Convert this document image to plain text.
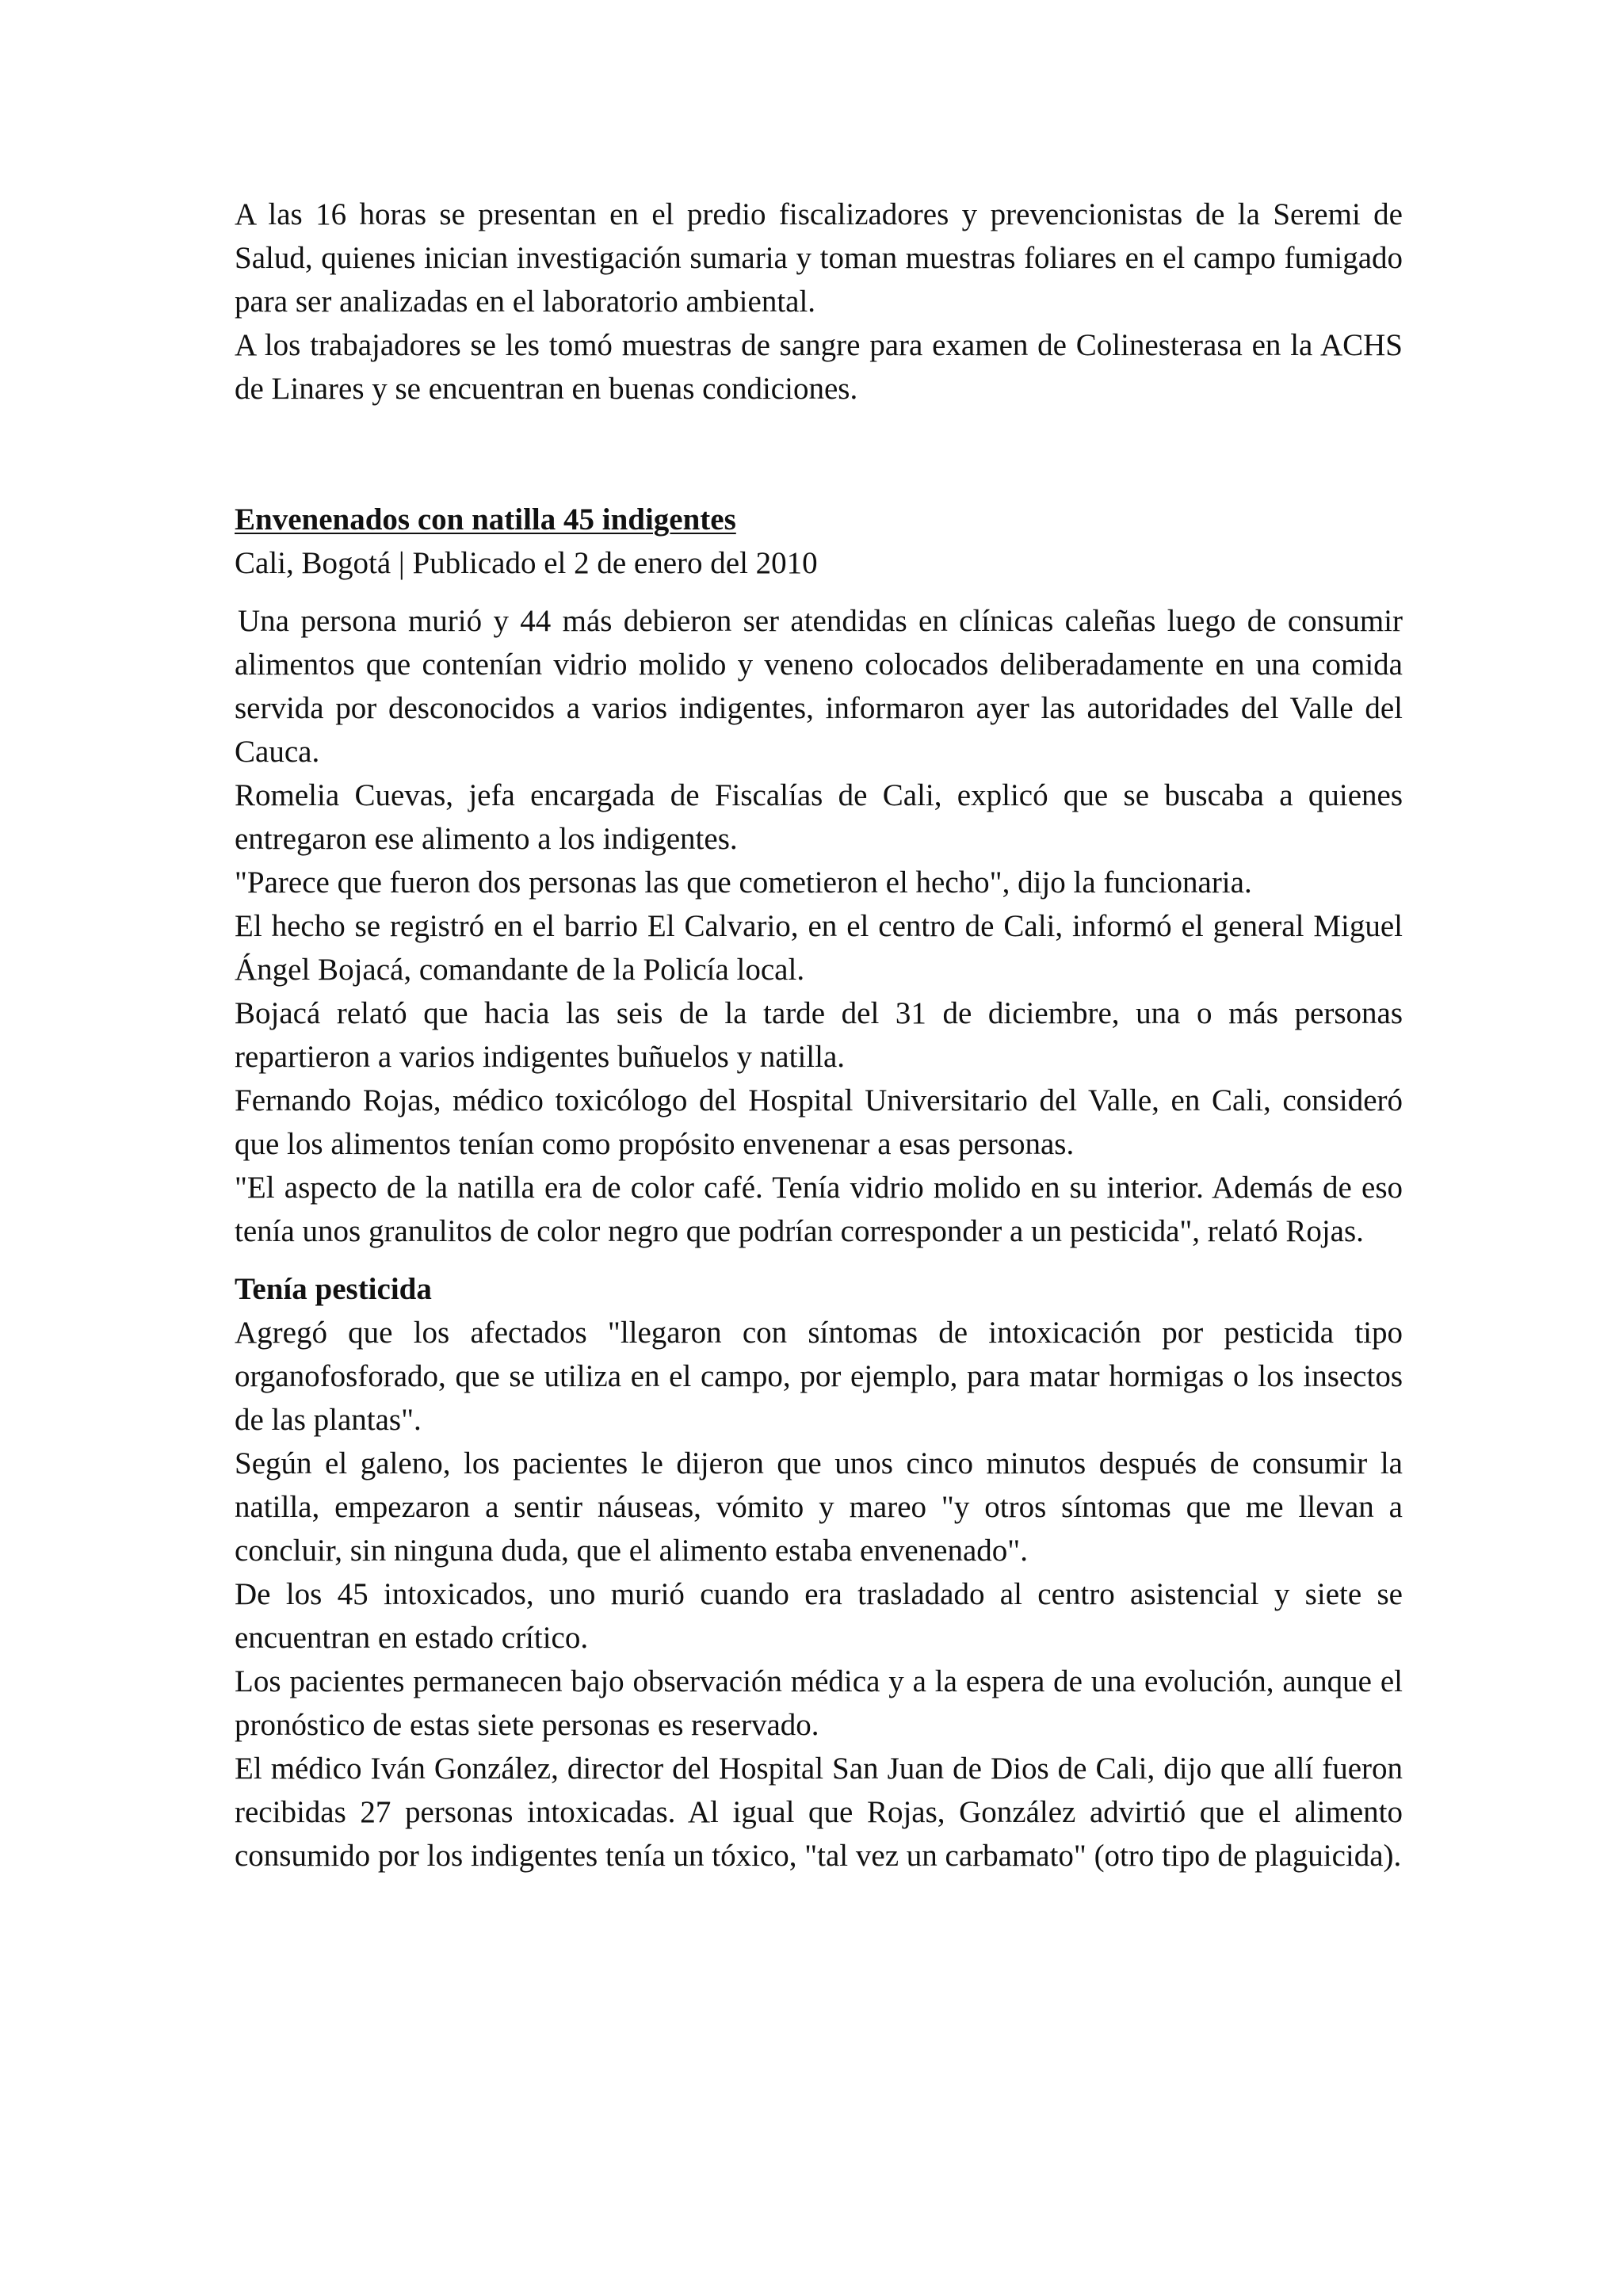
A las 16 horas se presentan en el predio fiscalizadores y prevencionistas de la Seremi de Salud, quienes inician investigación sumaria y toman muestras foliares en el campo fumigado para ser analizadas en el laboratorio ambiental.

A los trabajadores se les tomó muestras de sangre para examen de Colinesterasa en la ACHS de Linares y se encuentran en buenas condiciones.

Envenenados con natilla 45 indigentes

Cali, Bogotá | Publicado el 2 de enero del 2010

Una persona murió y 44 más debieron ser atendidas en clínicas caleñas luego de consumir alimentos que contenían vidrio molido y veneno colocados deliberadamente en una comida servida por desconocidos a varios indigentes, informaron ayer las autoridades del Valle del Cauca.

Romelia Cuevas, jefa encargada de Fiscalías de Cali, explicó que se buscaba a quienes entregaron ese alimento a los indigentes.

"Parece que fueron dos personas las que cometieron el hecho", dijo la funcionaria.

El hecho se registró en el barrio El Calvario, en el centro de Cali, informó el general Miguel Ángel Bojacá, comandante de la Policía local.

Bojacá relató que hacia las seis de la tarde del 31 de diciembre, una o más personas repartieron a varios indigentes buñuelos y natilla.

Fernando Rojas, médico toxicólogo del Hospital Universitario del Valle, en Cali, consideró que los alimentos tenían como propósito envenenar a esas personas.

"El aspecto de la natilla era de color café. Tenía vidrio molido en su interior. Además de eso tenía unos granulitos de color negro que podrían corresponder a un pesticida", relató Rojas.

Tenía pesticida

Agregó que los afectados "llegaron con síntomas de intoxicación por pesticida tipo organofosforado, que se utiliza en el campo, por ejemplo, para matar hormigas o los insectos de las plantas".

Según el galeno, los pacientes le dijeron que unos cinco minutos después de consumir la natilla, empezaron a sentir náuseas, vómito y mareo "y otros síntomas que me llevan a concluir, sin ninguna duda, que el alimento estaba envenenado".

De los 45 intoxicados, uno murió cuando era trasladado al centro asistencial y siete se encuentran en estado crítico.

Los pacientes permanecen bajo observación médica y a la espera de una evolución, aunque el pronóstico de estas siete personas es reservado.

El médico Iván González, director del Hospital San Juan de Dios de Cali, dijo que allí fueron recibidas 27 personas intoxicadas. Al igual que Rojas, González advirtió que el alimento consumido por los indigentes tenía un tóxico, "tal vez un carbamato" (otro tipo de plaguicida).
